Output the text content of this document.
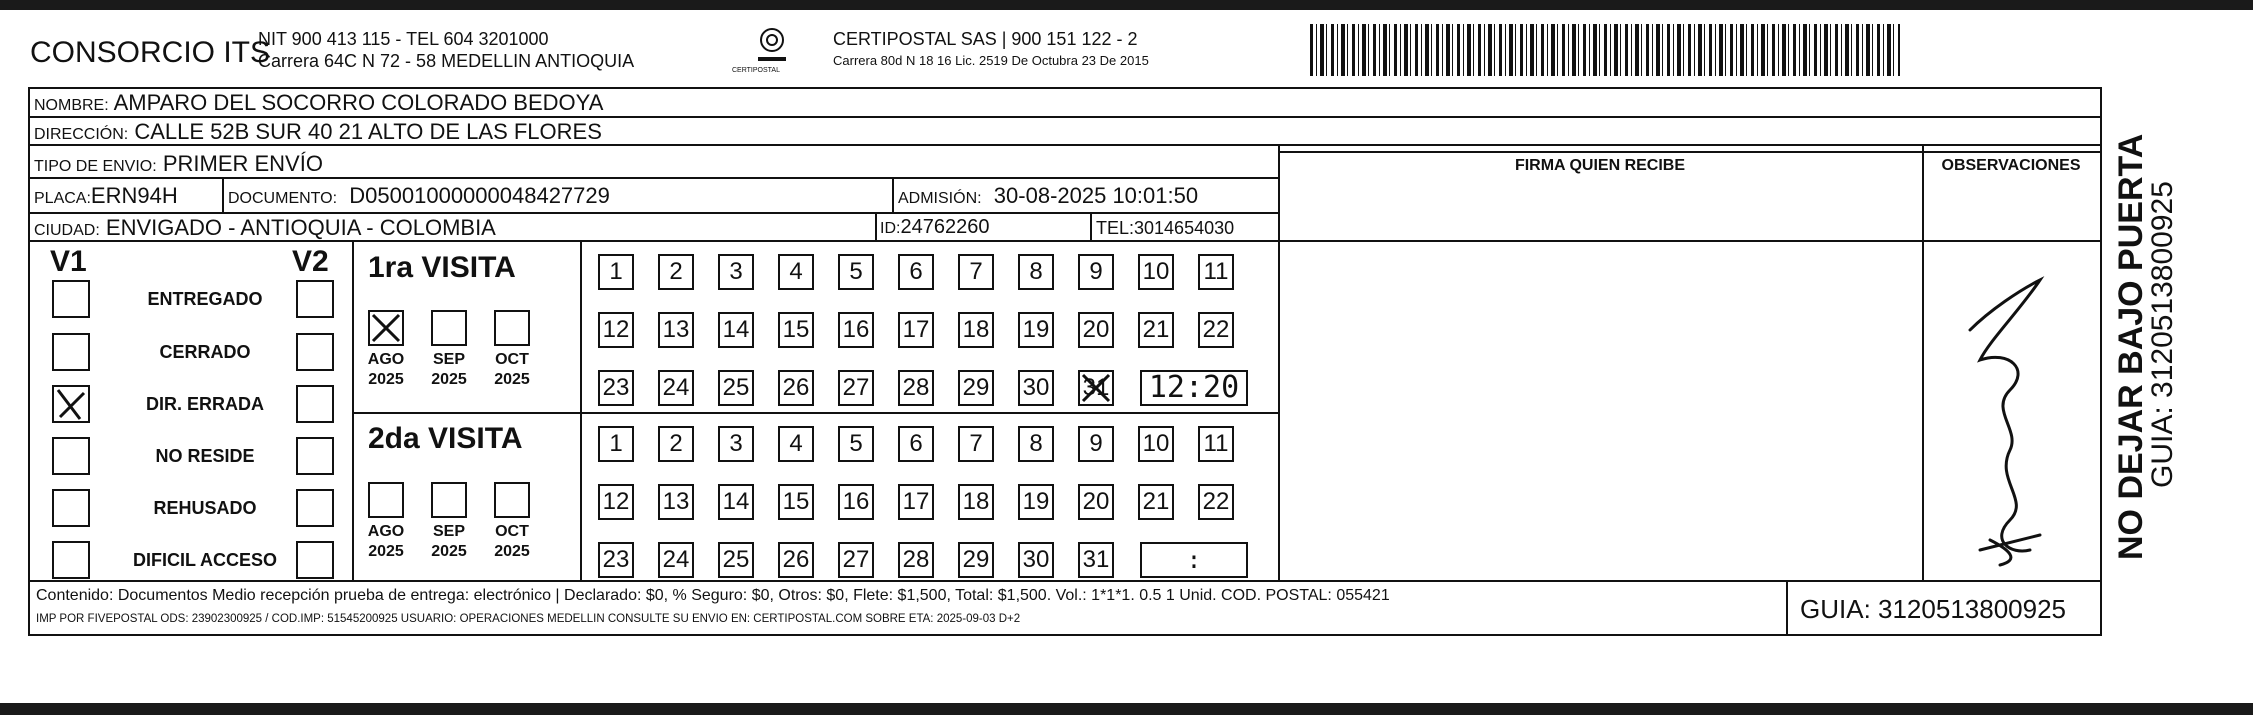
CONSORCIO ITS
NIT 900 413 115 - TEL 604 3201000
Carrera 64C N 72 - 58 MEDELLIN ANTIOQUIA	CERTIPOSTAL
CERTIPOSTAL SAS | 900 151 122 - 2
Carrera 80d N 18 16 Lic. 2519 De Octubra 23 De 2015
NOMBRE: AMPARO DEL SOCORRO COLORADO BEDOYA
DIRECCIÓN: CALLE 52B SUR 40 21 ALTO DE LAS FLORES
TIPO DE ENVIO: PRIMER ENVÍO
PLACA:ERN94H	DOCUMENTO: D05001000000048427729	ADMISIÓN: 30-08-2025 10:01:50
CIUDAD: ENVIGADO - ANTIOQUIA - COLOMBIA	ID:24762260	TEL:3014654030
FIRMA QUIEN RECIBE	OBSERVACIONES
V1	V2
ENTREGADO
CERRADO
DIR. ERRADA
NO RESIDE
REHUSADO
DIFICIL ACCESO
1ra VISITA
2da VISITA
AGO
2025
SEP
2025
OCT
2025
1	2	3	4	5	6	7	8	9	10 11
12 13 14 15 16 17 18 19 20 21 22
23 24 25 26 27 28 29 30 31 12:20
AGO
2025
SEP
2025
OCT
2025
1	2	3	4	5	6	7	8	9	10 11
12 13 14 15 16 17 18 19 20 21 22
23 24 25 26 27 28 29 30 31	:
Contenido: Documentos Medio recepción prueba de entrega: electrónico | Declarado: $0, % Seguro: $0, Otros: $0, Flete: $1,500, Total: $1,500. Vol.: 1*1*1. 0.5 1 Unid. COD. POSTAL: 055421
IMP POR FIVEPOSTAL ODS: 23902300925 / COD.IMP: 51545200925 USUARIO: OPERACIONES MEDELLIN CONSULTE SU ENVIO EN: CERTIPOSTAL.COM SOBRE ETA: 2025-09-03 D+2	GUIA: 3120513800925
NO DEJAR BAJO PUERTA
GUIA: 3120513800925
